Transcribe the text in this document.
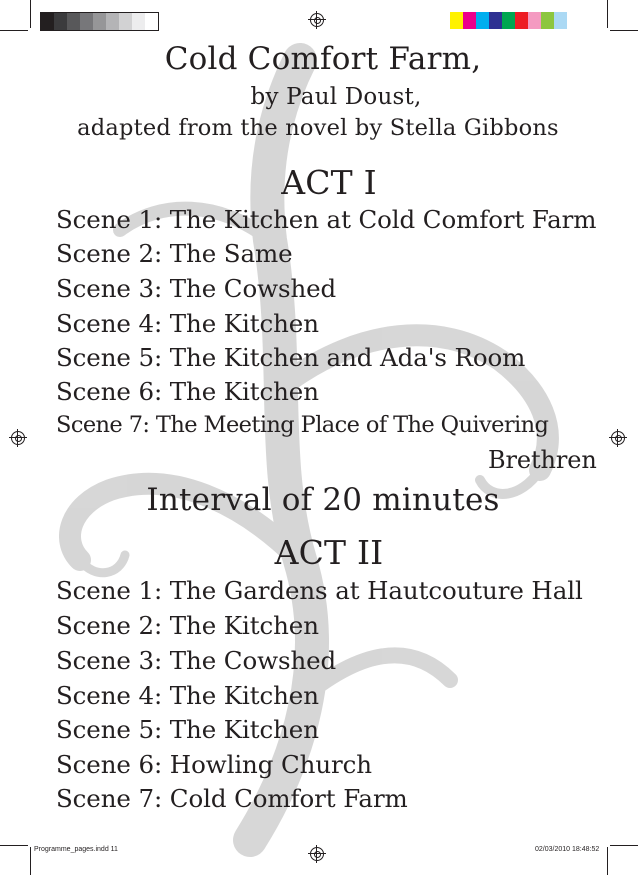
Cold Comfort Farm,
by Paul Doust,
adapted from the novel by Stella Gibbons
ACT I
Scene 1: The Kitchen at Cold Comfort Farm
Scene 2: The Same
Scene 3: The Cowshed
Scene 4: The Kitchen
Scene 5: The Kitchen and Ada's Room
Scene 6: The Kitchen
Scene 7: The Meeting Place of The Quivering
Brethren
Interval of 20 minutes
ACT II
Scene 1: The Gardens at Hautcouture Hall
Scene 2: The Kitchen
Scene 3: The Cowshed
Scene 4: The Kitchen
Scene 5: The Kitchen
Scene 6: Howling Church
Scene 7: Cold Comfort Farm
Programme_pages.indd 11	02/03/2010 18:48:52
